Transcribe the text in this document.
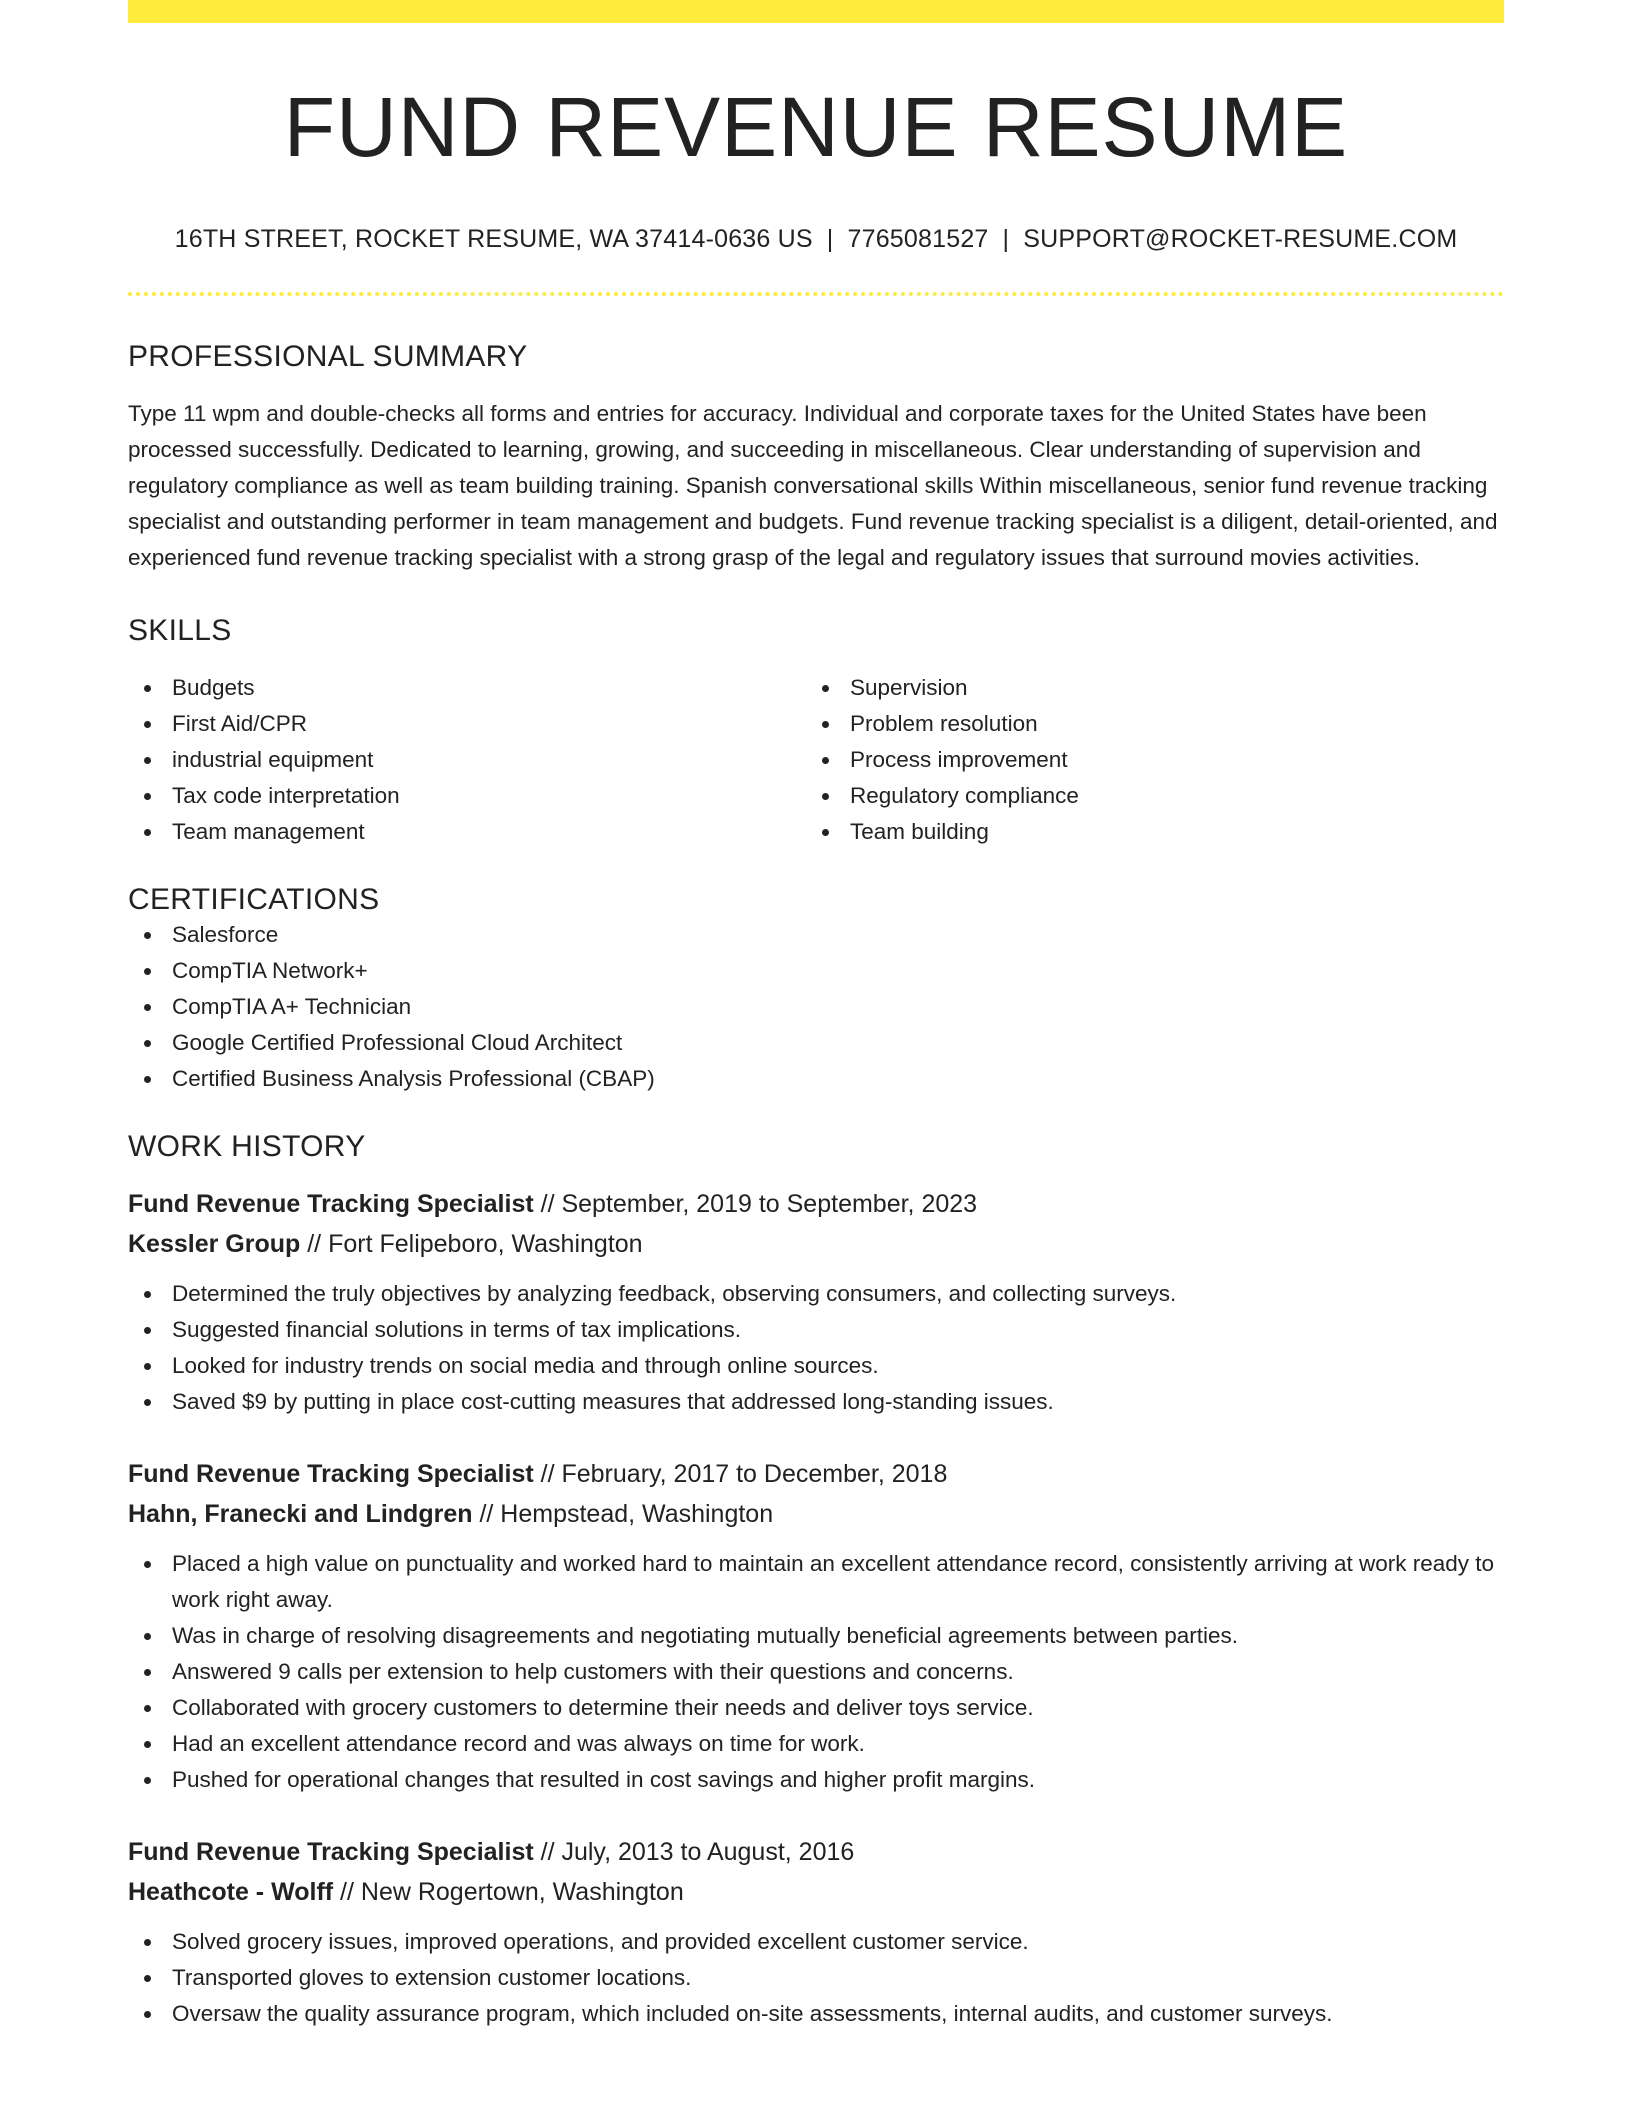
FUND REVENUE RESUME
16TH STREET, ROCKET RESUME, WA 37414-0636 US | 7765081527 | SUPPORT@ROCKET-RESUME.COM
PROFESSIONAL SUMMARY

Type 11 wpm and double-checks all forms and entries for accuracy. Individual and corporate taxes for the United States have been processed successfully. Dedicated to learning, growing, and succeeding in miscellaneous. Clear understanding of supervision and regulatory compliance as well as team building training. Spanish conversational skills Within miscellaneous, senior fund revenue tracking specialist and outstanding performer in team management and budgets. Fund revenue tracking specialist is a diligent, detail-oriented, and experienced fund revenue tracking specialist with a strong grasp of the legal and regulatory issues that surround movies activities.

SKILLS
Budgets
First Aid/CPR
industrial equipment
Tax code interpretation
Team management
Supervision
Problem resolution
Process improvement
Regulatory compliance
Team building
CERTIFICATIONS
Salesforce
CompTIA Network+
CompTIA A+ Technician
Google Certified Professional Cloud Architect
Certified Business Analysis Professional (CBAP)
WORK HISTORY
Fund Revenue Tracking Specialist // September, 2019 to September, 2023
Kessler Group // Fort Felipeboro, Washington
Determined the truly objectives by analyzing feedback, observing consumers, and collecting surveys.
Suggested financial solutions in terms of tax implications.
Looked for industry trends on social media and through online sources.
Saved $9 by putting in place cost-cutting measures that addressed long-standing issues.
Fund Revenue Tracking Specialist // February, 2017 to December, 2018
Hahn, Franecki and Lindgren // Hempstead, Washington
Placed a high value on punctuality and worked hard to maintain an excellent attendance record, consistently arriving at work ready to work right away.
Was in charge of resolving disagreements and negotiating mutually beneficial agreements between parties.
Answered 9 calls per extension to help customers with their questions and concerns.
Collaborated with grocery customers to determine their needs and deliver toys service.
Had an excellent attendance record and was always on time for work.
Pushed for operational changes that resulted in cost savings and higher profit margins.
Fund Revenue Tracking Specialist // July, 2013 to August, 2016
Heathcote - Wolff // New Rogertown, Washington
Solved grocery issues, improved operations, and provided excellent customer service.
Transported gloves to extension customer locations.
Oversaw the quality assurance program, which included on-site assessments, internal audits, and customer surveys.
